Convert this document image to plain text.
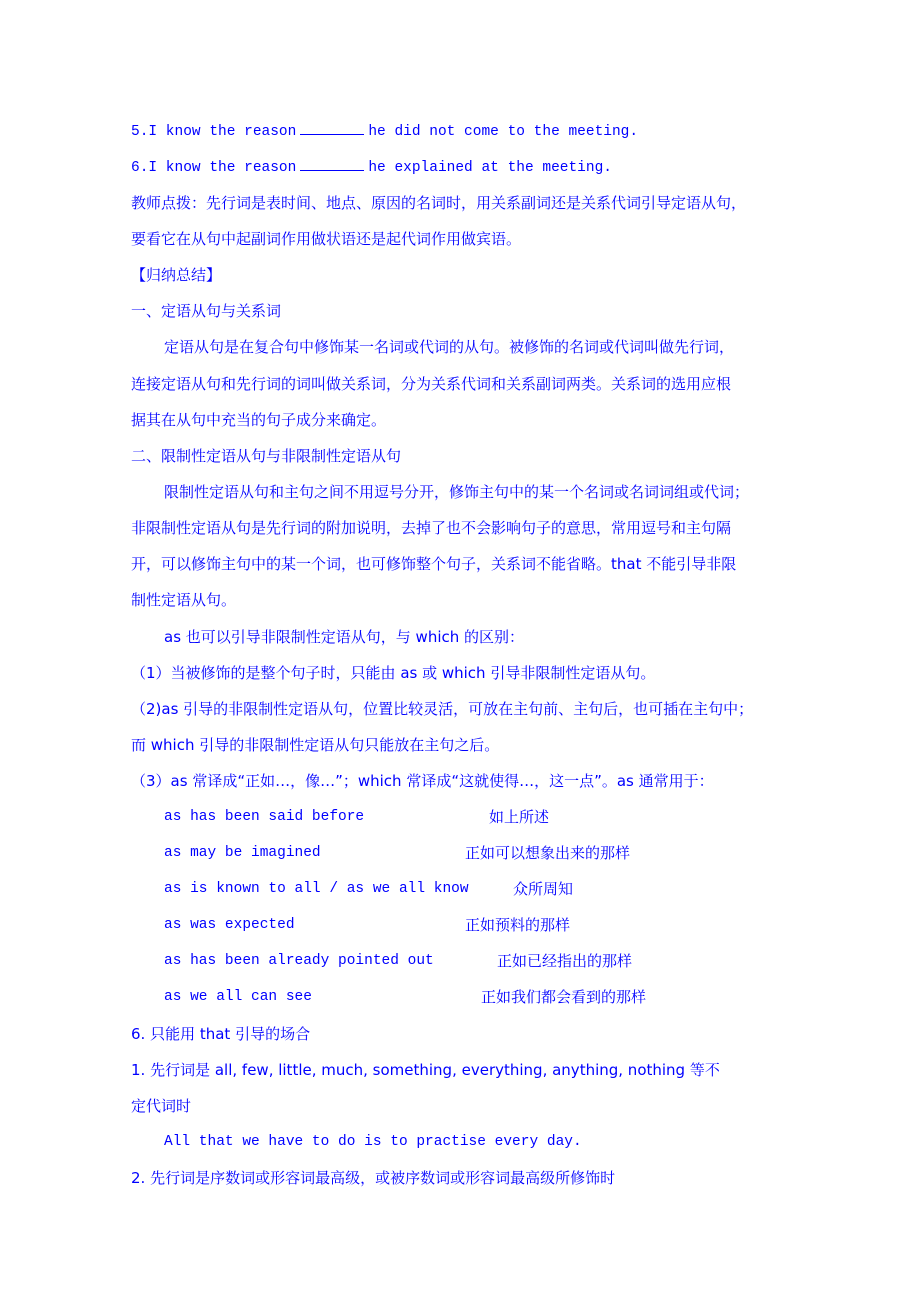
5.I know the reason	he did not come to the meeting.
6.I know the reason	he explained at the meeting.
教师点拨：先行词是表时间、地点、原因的名词时，用关系副词还是关系代词引导定语从句，
要看它在从句中起副词作用做状语还是起代词作用做宾语。
【归纳总结】
一、定语从句与关系词
定语从句是在复合句中修饰某一名词或代词的从句。被修饰的名词或代词叫做先行词，
连接定语从句和先行词的词叫做关系词，分为关系代词和关系副词两类。关系词的选用应根
据其在从句中充当的句子成分来确定。
二、限制性定语从句与非限制性定语从句
限制性定语从句和主句之间不用逗号分开，修饰主句中的某一个名词或名词词组或代词；
非限制性定语从句是先行词的附加说明，去掉了也不会影响句子的意思，常用逗号和主句隔
开，可以修饰主句中的某一个词，也可修饰整个句子，关系词不能省略。that 不能引导非限
制性定语从句。
as 也可以引导非限制性定语从句，与 which 的区别：
（1）当被修饰的是整个句子时，只能由 as 或 which 引导非限制性定语从句。
（2)as 引导的非限制性定语从句，位置比较灵活，可放在主句前、主句后，也可插在主句中；
而 which 引导的非限制性定语从句只能放在主句之后。
（3）as 常译成“正如…，像…”；which 常译成“这就使得…，这一点”。as 通常用于：
as has been said before	如上所述
as may be imagined	正如可以想象出来的那样
as is known to all / as we all know	众所周知
as was expected	正如预料的那样
as has been already pointed out	正如已经指出的那样
as we all can see	正如我们都会看到的那样
6. 只能用 that 引导的场合
1. 先行词是 all, few, little, much, something, everything, anything, nothing 等不
定代词时
All that we have to do is to practise every day.
2. 先行词是序数词或形容词最高级，或被序数词或形容词最高级所修饰时
